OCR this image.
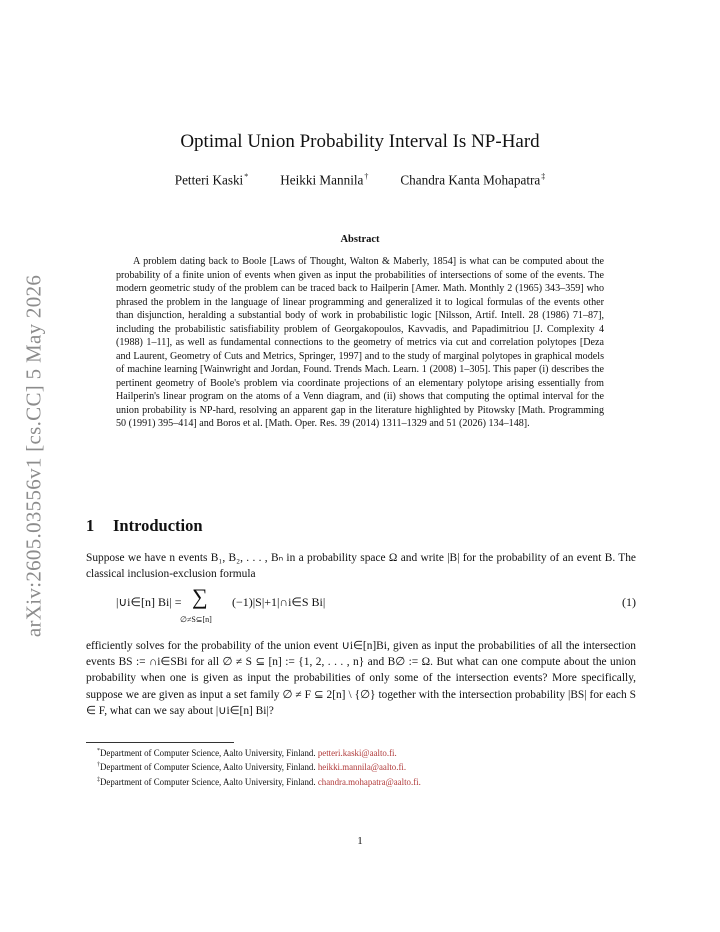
arXiv:2605.03556v1 [cs.CC] 5 May 2026
Optimal Union Probability Interval Is NP-Hard
Petteri Kaski* Heikki Mannila† Chandra Kanta Mohapatra‡
Abstract

A problem dating back to Boole [Laws of Thought, Walton & Maberly, 1854] is what can be computed about the probability of a finite union of events when given as input the probabilities of intersections of some of the events. The modern geometric study of the problem can be traced back to Hailperin [Amer. Math. Monthly 2 (1965) 343–359] who phrased the problem in the language of linear programming and generalized it to logical formulas of the events other than disjunction, heralding a substantial body of work in probabilistic logic [Nilsson, Artif. Intell. 28 (1986) 71–87], including the probabilistic satisfiability problem of Georgakopoulos, Kavvadis, and Papadimitriou [J. Complexity 4 (1988) 1–11], as well as fundamental connections to the geometry of metrics via cut and correlation polytopes [Deza and Laurent, Geometry of Cuts and Metrics, Springer, 1997] and to the study of marginal polytopes in graphical models of machine learning [Wainwright and Jordan, Found. Trends Mach. Learn. 1 (2008) 1–305]. This paper (i) describes the pertinent geometry of Boole's problem via coordinate projections of an elementary polytope arising essentially from Hailperin's linear program on the atoms of a Venn diagram, and (ii) shows that computing the optimal interval for the union probability is NP-hard, resolving an apparent gap in the literature highlighted by Pitowsky [Math. Programming 50 (1991) 395–414] and Boros et al. [Math. Oper. Res. 39 (2014) 1311–1329 and 51 (2026) 134–148].

1 Introduction

Suppose we have n events B₁, B₂, . . . , Bₙ in a probability space Ω and write |B| for the probability of an event B. The classical inclusion-exclusion formula

|∪i∈[n] Bi| = ∑
∅≠S⊆[n]
(−1)|S|+1|∩i∈S Bi|	(1)

efficiently solves for the probability of the union event ∪i∈[n]Bi, given as input the probabilities of all the intersection events BS := ∩i∈SBi for all ∅ ≠ S ⊆ [n] := {1, 2, . . . , n} and B∅ := Ω. But what can one compute about the union probability when one is given as input the probabilities of only some of the intersection events? More specifically, suppose we are given as input a set family ∅ ≠ F ⊆ 2[n] \ {∅} together with the intersection probability |BS| for each S ∈ F, what can we say about |∪i∈[n] Bi|?

*Department of Computer Science, Aalto University, Finland. petteri.kaski@aalto.fi.
†Department of Computer Science, Aalto University, Finland. heikki.mannila@aalto.fi.
‡Department of Computer Science, Aalto University, Finland. chandra.mohapatra@aalto.fi.
1
